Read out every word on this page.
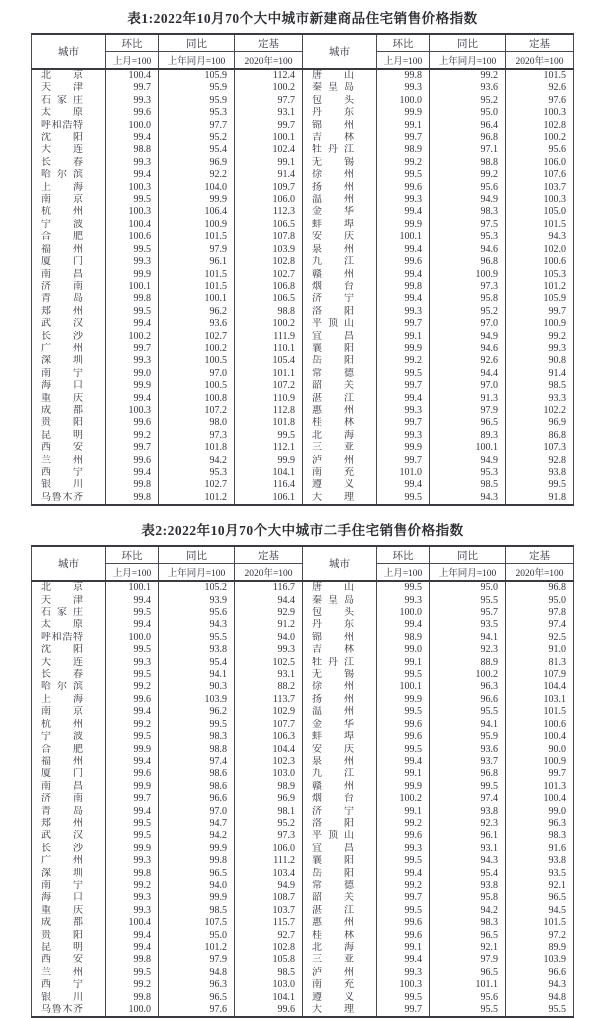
表1:2022年10月70个大中城市新建商品住宅销售价格指数
城市	环比	同比	定基	城市	环比	同比	定基
	上月=100	上年同月=100	2020年=100		上月=100	上年同月=100	2020年=100
北京	100.4	105.9	112.4	唐山	99.8	99.2	101.5
天津	99.7	95.9	100.2	秦皇岛	99.3	93.6	92.6
石家庄	99.3	95.9	97.7	包头	100.0	95.2	97.6
太原	99.6	95.3	93.1	丹东	99.9	95.0	100.3
呼和浩特	100.0	97.7	99.7	锦州	99.1	96.4	102.8
沈阳	99.4	95.2	100.1	吉林	99.7	96.8	100.2
大连	98.8	95.4	102.4	牡丹江	98.9	97.1	95.6
长春	99.3	96.9	99.1	无锡	99.2	98.8	106.0
哈尔滨	99.4	92.2	91.4	徐州	99.5	99.2	107.6
上海	100.3	104.0	109.7	扬州	99.6	95.6	103.7
南京	99.5	99.9	106.0	温州	99.3	94.9	100.3
杭州	100.3	106.4	112.3	金华	99.4	98.3	105.0
宁波	100.4	100.9	106.5	蚌埠	99.9	97.5	101.5
合肥	100.6	101.5	107.8	安庆	100.1	95.3	94.3
福州	99.5	97.9	103.9	泉州	99.4	94.6	102.0
厦门	99.3	96.1	102.8	九江	99.6	96.8	100.6
南昌	99.9	101.5	102.7	赣州	99.4	100.9	105.3
济南	100.1	101.5	106.8	烟台	99.8	97.3	101.2
青岛	99.8	100.1	106.5	济宁	99.4	95.8	105.9
郑州	99.5	96.2	98.8	洛阳	99.3	95.2	99.7
武汉	99.4	93.6	100.2	平顶山	99.7	97.0	100.9
长沙	100.2	102.7	111.9	宜昌	99.1	94.9	99.2
广州	99.7	100.2	110.1	襄阳	99.9	94.6	99.3
深圳	99.3	100.5	105.4	岳阳	99.2	92.6	90.8
南宁	99.0	97.0	101.1	常德	99.5	94.4	91.4
海口	99.9	100.5	107.2	韶关	99.7	97.0	98.5
重庆	99.4	100.8	110.9	湛江	99.4	91.3	93.3
成都	100.3	107.2	112.8	惠州	99.3	97.9	102.2
贵阳	99.6	98.0	101.8	桂林	99.7	96.5	96.9
昆明	99.2	97.3	99.5	北海	99.3	89.3	86.8
西安	99.7	101.8	112.1	三亚	99.9	100.1	107.3
兰州	99.6	94.2	99.9	泸州	99.7	94.9	92.8
西宁	99.4	95.3	104.1	南充	101.0	95.3	93.8
银川	99.8	102.7	116.4	遵义	99.4	98.5	99.5
乌鲁木齐	99.8	101.2	106.1	大理	99.5	94.3	91.8
表2:2022年10月70个大中城市二手住宅销售价格指数
城市	环比	同比	定基	城市	环比	同比	定基
	上月=100	上年同月=100	2020年=100		上月=100	上年同月=100	2020年=100
北京	100.1	105.2	116.7	唐山	99.5	95.0	96.8
天津	99.4	93.9	94.4	秦皇岛	99.3	95.5	95.0
石家庄	99.5	95.6	92.9	包头	100.0	95.7	97.8
太原	99.4	94.3	91.2	丹东	99.4	93.5	97.4
呼和浩特	100.0	95.5	94.0	锦州	98.9	94.1	92.5
沈阳	99.5	93.8	99.3	吉林	99.0	92.3	91.0
大连	99.3	95.4	102.5	牡丹江	99.1	88.9	81.3
长春	99.5	94.1	93.1	无锡	99.5	100.2	107.9
哈尔滨	99.2	90.3	88.2	徐州	100.1	96.3	104.4
上海	99.6	103.9	113.7	扬州	99.9	96.6	103.1
南京	99.4	96.2	102.9	温州	99.5	95.5	101.5
杭州	99.2	99.5	107.7	金华	99.6	94.1	100.6
宁波	99.5	98.3	106.3	蚌埠	99.6	95.9	100.4
合肥	99.9	98.8	104.4	安庆	99.5	93.6	90.0
福州	99.4	97.4	102.3	泉州	99.4	93.7	100.9
厦门	99.6	98.6	103.0	九江	99.1	96.8	99.7
南昌	99.9	98.6	98.9	赣州	99.9	99.5	101.3
济南	99.7	96.6	96.9	烟台	100.2	97.4	100.4
青岛	99.4	97.0	98.1	济宁	99.1	93.8	99.0
郑州	99.5	94.7	95.2	洛阳	99.2	92.3	96.3
武汉	99.5	94.2	97.3	平顶山	99.6	96.1	98.3
长沙	99.9	99.9	106.0	宜昌	99.3	93.1	91.6
广州	99.3	99.8	111.2	襄阳	99.5	94.3	93.8
深圳	99.8	96.5	103.4	岳阳	99.4	95.4	93.5
南宁	99.2	94.0	94.9	常德	99.2	93.8	92.1
海口	99.3	99.9	108.7	韶关	99.7	95.8	96.5
重庆	99.3	98.5	103.7	湛江	99.5	94.2	94.5
成都	100.4	107.5	115.7	惠州	99.6	98.3	101.5
贵阳	99.4	95.0	92.7	桂林	99.6	96.5	97.2
昆明	99.4	101.2	102.8	北海	99.1	92.1	89.9
西安	99.8	97.9	105.8	三亚	99.4	97.9	103.9
兰州	99.5	94.8	98.5	泸州	99.3	96.5	96.6
西宁	99.2	96.3	103.0	南充	100.3	101.1	94.3
银川	99.8	96.5	104.1	遵义	99.5	95.6	94.8
乌鲁木齐	100.0	97.6	99.6	大理	99.7	95.5	95.5
